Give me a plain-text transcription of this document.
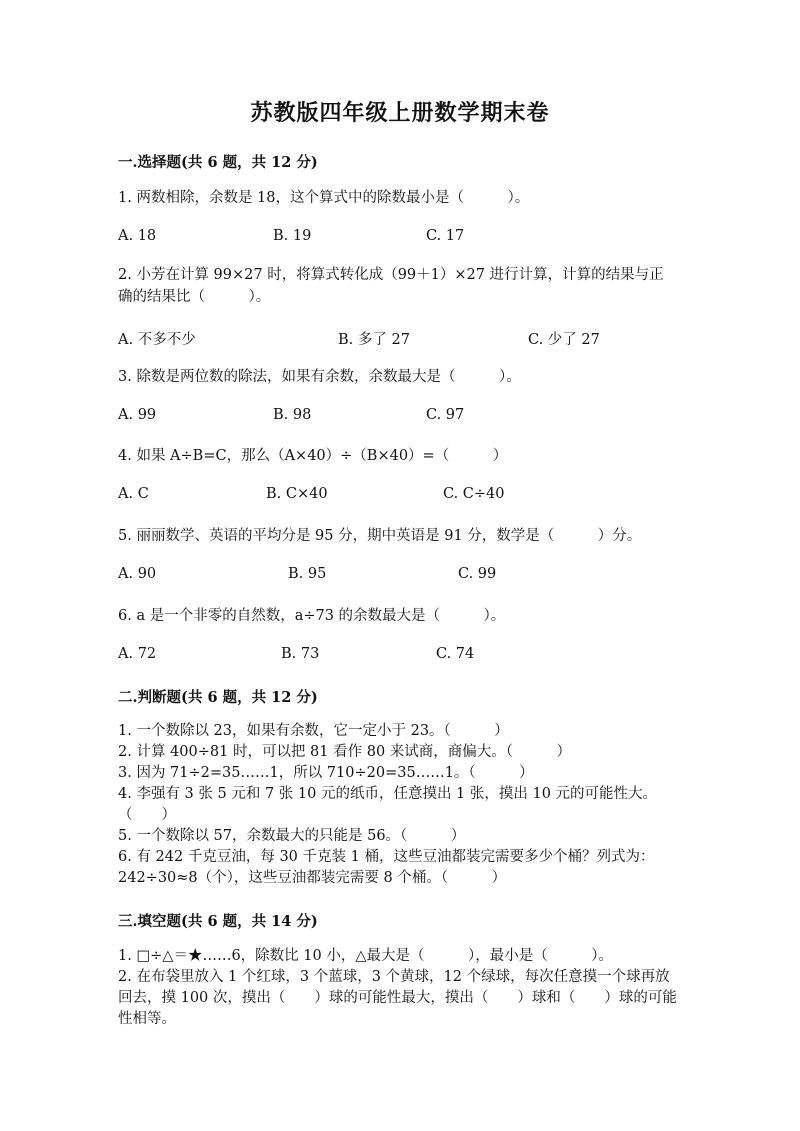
苏教版四年级上册数学期末卷
一.选择题(共 6 题，共 12 分)
1. 两数相除，余数是 18，这个算式中的除数最小是（　　　）。
A. 18	B. 19	C. 17
2. 小芳在计算 99×27 时，将算式转化成（99＋1）×27 进行计算，计算的结果与正确的结果比（　　　）。
A. 不多不少	B. 多了 27	C. 少了 27
3. 除数是两位数的除法，如果有余数，余数最大是（　　　）。
A. 99	B. 98	C. 97
4. 如果 A÷B=C，那么（A×40）÷（B×40）=（　　　）
A. C	B. C×40	C. C÷40
5. 丽丽数学、英语的平均分是 95 分，期中英语是 91 分，数学是（　　　）分。
A. 90	B. 95	C. 99
6. a 是一个非零的自然数，a÷73 的余数最大是（　　　）。
A. 72	B. 73	C. 74
二.判断题(共 6 题，共 12 分)
1. 一个数除以 23，如果有余数，它一定小于 23。（　　　）
2. 计算 400÷81 时，可以把 81 看作 80 来试商，商偏大。（　　　）
3. 因为 71÷2=35……1，所以 710÷20=35……1。（　　　）
4. 李强有 3 张 5 元和 7 张 10 元的纸币，任意摸出 1 张，摸出 10 元的可能性大。　　（　　）
5. 一个数除以 57，余数最大的只能是 56。（　　　）
6. 有 242 千克豆油，每 30 千克装 1 桶，这些豆油都装完需要多少个桶？列式为：242÷30≈8（个），这些豆油都装完需要 8 个桶。（　　　）
三.填空题(共 6 题，共 14 分)
1. □÷△＝★……6，除数比 10 小，△最大是（　　　），最小是（　　　）。
2. 在布袋里放入 1 个红球，3 个蓝球，3 个黄球，12 个绿球，每次任意摸一个球再放回去，摸 100 次，摸出（　　）球的可能性最大，摸出（　　）球和（　　）球的可能性相等。
